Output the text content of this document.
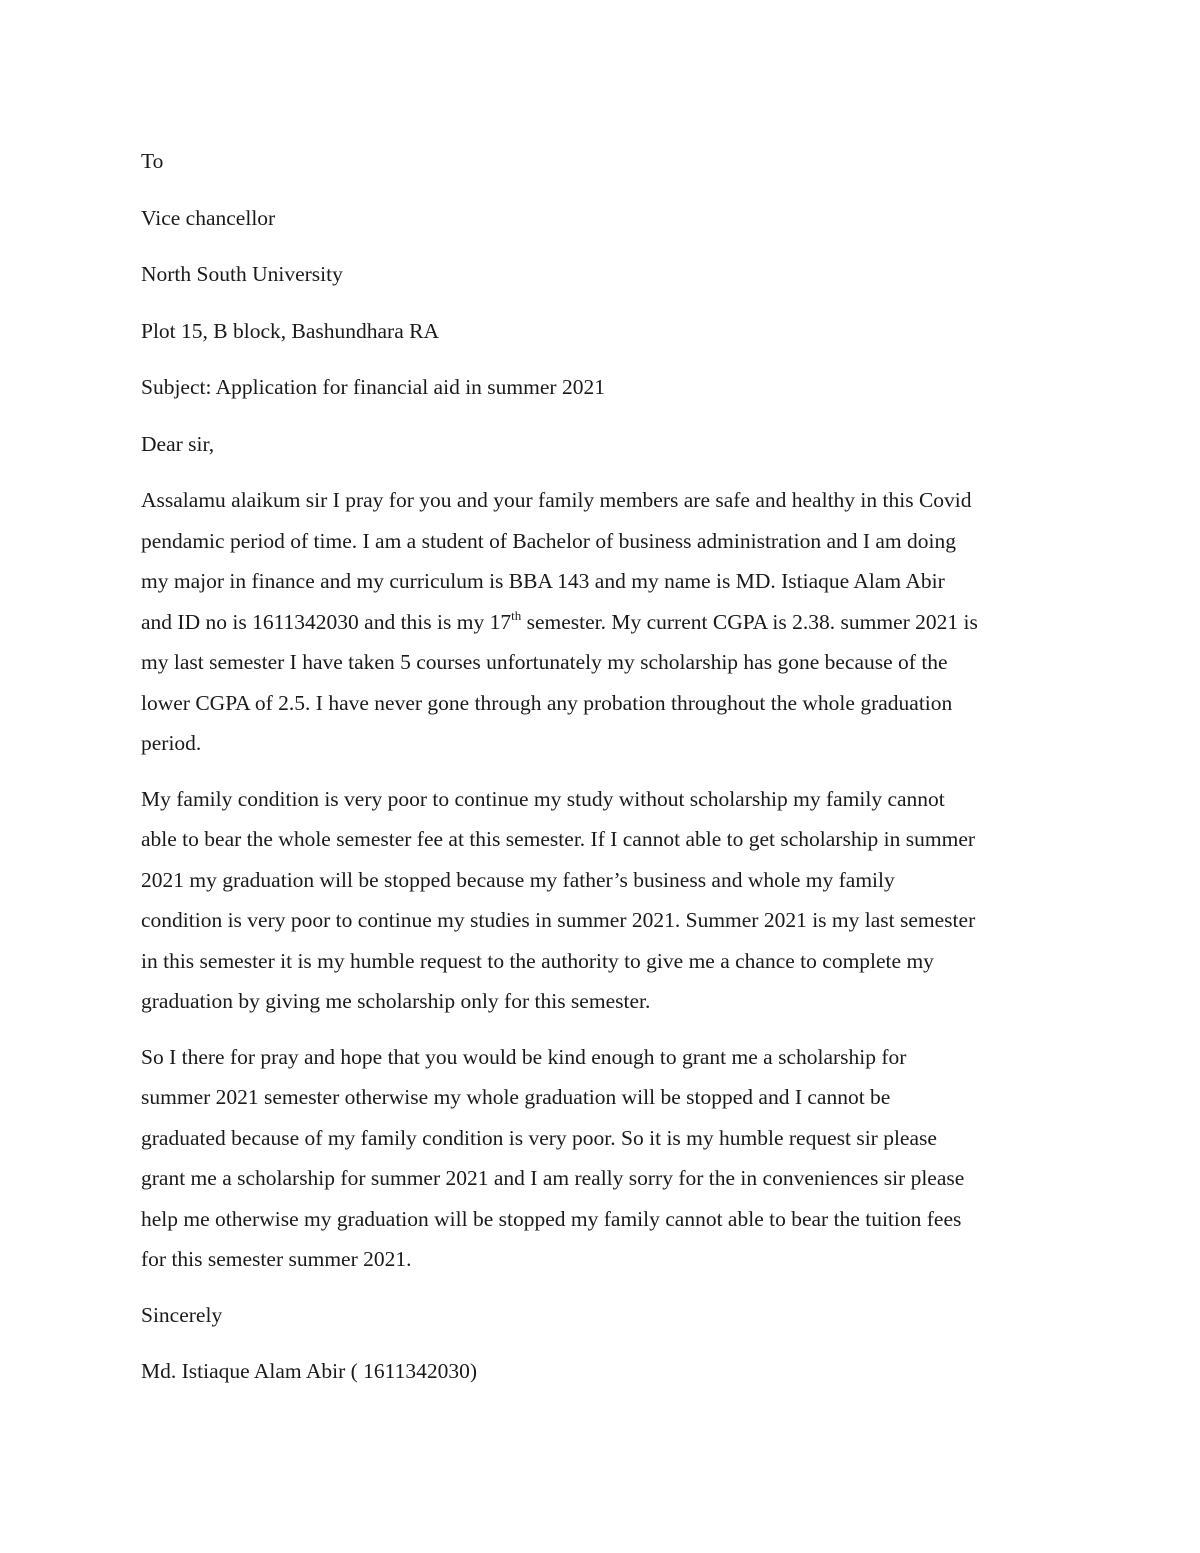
To
Vice chancellor
North South University
Plot 15, B block, Bashundhara RA
Subject: Application for financial aid in summer 2021
Dear sir,
Assalamu alaikum sir I pray for you and your family members are safe and healthy in this Covid
pendamic period of time. I am a student of Bachelor of business administration and I am doing
my major in finance and my curriculum is BBA 143 and my name is MD. Istiaque Alam Abir
and ID no is 1611342030 and this is my 17th semester. My current CGPA is 2.38. summer 2021 is
my last semester I have taken 5 courses unfortunately my scholarship has gone because of the
lower CGPA of 2.5. I have never gone through any probation throughout the whole graduation
period.
My family condition is very poor to continue my study without scholarship my family cannot
able to bear the whole semester fee at this semester. If I cannot able to get scholarship in summer
2021 my graduation will be stopped because my father’s business and whole my family
condition is very poor to continue my studies in summer 2021. Summer 2021 is my last semester
in this semester it is my humble request to the authority to give me a chance to complete my
graduation by giving me scholarship only for this semester.
So I there for pray and hope that you would be kind enough to grant me a scholarship for
summer 2021 semester otherwise my whole graduation will be stopped and I cannot be
graduated because of my family condition is very poor. So it is my humble request sir please
grant me a scholarship for summer 2021 and I am really sorry for the in conveniences sir please
help me otherwise my graduation will be stopped my family cannot able to bear the tuition fees
for this semester summer 2021.
Sincerely
Md. Istiaque Alam Abir ( 1611342030)
